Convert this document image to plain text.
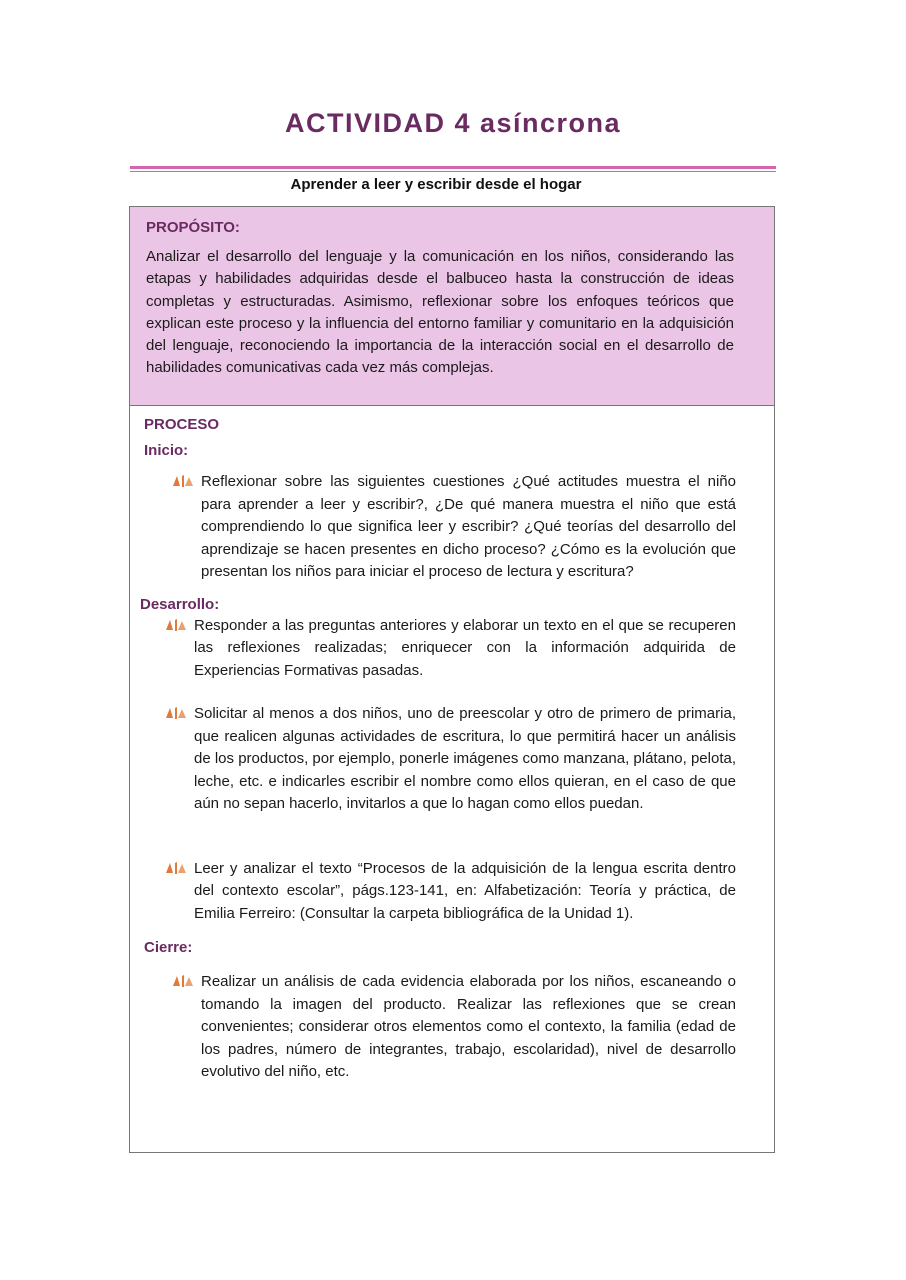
ACTIVIDAD 4 asíncrona
Aprender a leer y escribir desde el hogar

PROPÓSITO:

Analizar el desarrollo del lenguaje y la comunicación en los niños, considerando las etapas y habilidades adquiridas desde el balbuceo hasta la construcción de ideas completas y estructuradas. Asimismo, reflexionar sobre los enfoques teóricos que explican este proceso y la influencia del entorno familiar y comunitario en la adquisición del lenguaje, reconociendo la importancia de la interacción social en el desarrollo de habilidades comunicativas cada vez más complejas.

PROCESO

Inicio:

Reflexionar sobre las siguientes cuestiones ¿Qué actitudes muestra el niño para aprender a leer y escribir?, ¿De qué manera muestra el niño que está comprendiendo lo que significa leer y escribir? ¿Qué teorías del desarrollo del aprendizaje se hacen presentes en dicho proceso? ¿Cómo es la evolución que presentan los niños para iniciar el proceso de lectura y escritura?

Desarrollo:

Responder a las preguntas anteriores y elaborar un texto en el que se recuperen las reflexiones realizadas; enriquecer con la información adquirida de Experiencias Formativas pasadas.
Solicitar al menos a dos niños, uno de preescolar y otro de primero de primaria, que realicen algunas actividades de escritura, lo que permitirá hacer un análisis de los productos, por ejemplo, ponerle imágenes como manzana, plátano, pelota, leche, etc. e indicarles escribir el nombre como ellos quieran, en el caso de que aún no sepan hacerlo, invitarlos a que lo hagan como ellos puedan.
Leer y analizar el texto “Procesos de la adquisición de la lengua escrita dentro del contexto escolar”, págs.123-141, en: Alfabetización: Teoría y práctica, de Emilia Ferreiro: (Consultar la carpeta bibliográfica de la Unidad 1).

Cierre:

Realizar un análisis de cada evidencia elaborada por los niños, escaneando o tomando la imagen del producto. Realizar las reflexiones que se crean convenientes; considerar otros elementos como el contexto, la familia (edad de los padres, número de integrantes, trabajo, escolaridad), nivel de desarrollo evolutivo del niño, etc.
